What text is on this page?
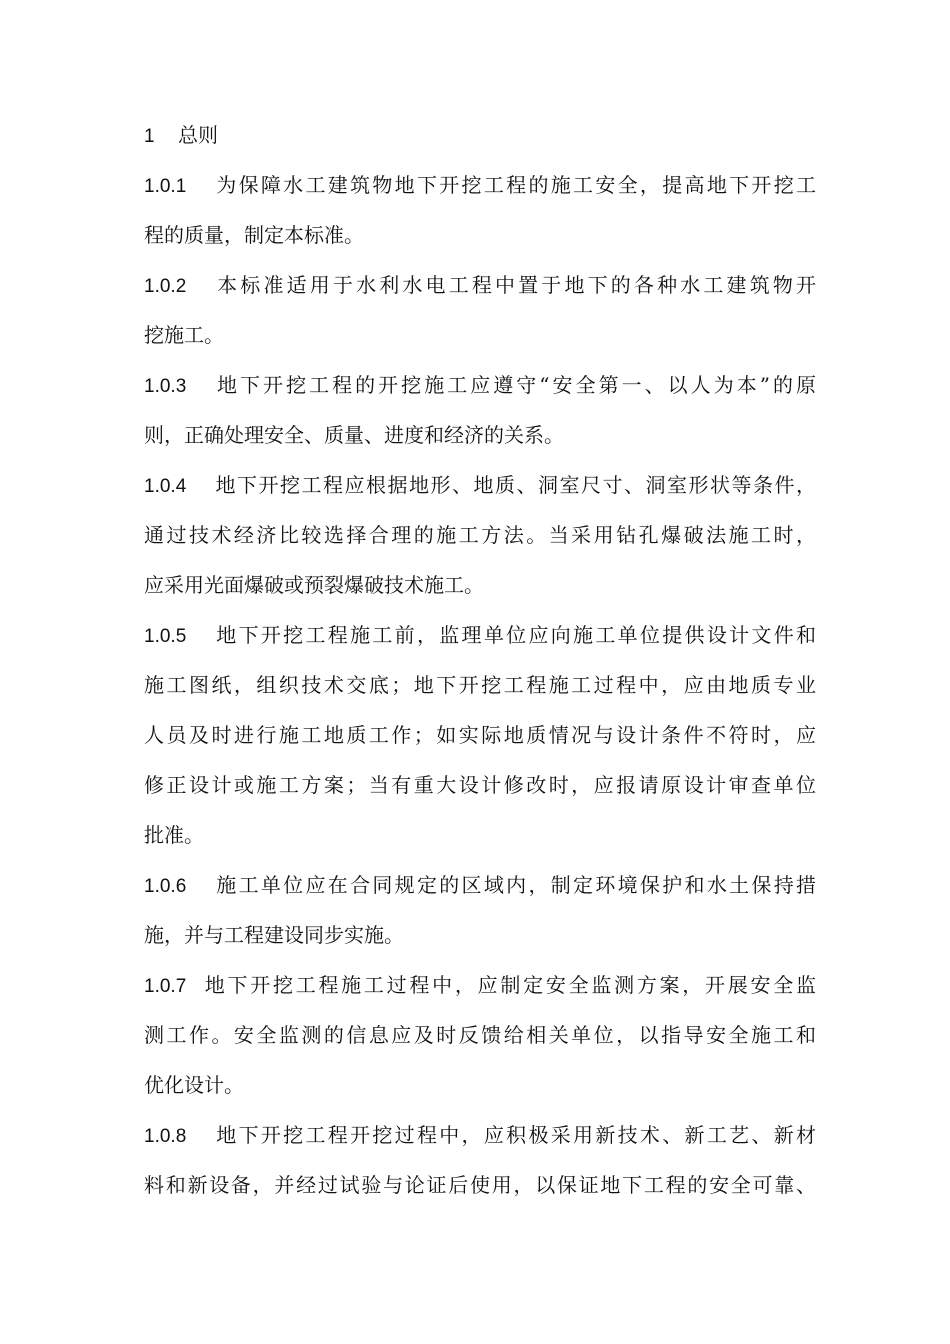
1 总则
1.0.1 为保障水工建筑物地下开挖工程的施工安全，提高地下开挖工
程的质量，制定本标准。
1.0.2 本标准适用于水利水电工程中置于地下的各种水工建筑物开
挖施工。
1.0.3 地下开挖工程的开挖施工应遵守“安全第一、以人为本”的原
则，正确处理安全、质量、进度和经济的关系。
1.0.4 地下开挖工程应根据地形、地质、洞室尺寸、洞室形状等条件，
通过技术经济比较选择合理的施工方法。当采用钻孔爆破法施工时，
应采用光面爆破或预裂爆破技术施工。
1.0.5 地下开挖工程施工前，监理单位应向施工单位提供设计文件和
施工图纸，组织技术交底；地下开挖工程施工过程中，应由地质专业
人员及时进行施工地质工作；如实际地质情况与设计条件不符时，应
修正设计或施工方案；当有重大设计修改时，应报请原设计审查单位
批准。
1.0.6 施工单位应在合同规定的区域内，制定环境保护和水土保持措
施，并与工程建设同步实施。
1.0.7 地下开挖工程施工过程中，应制定安全监测方案，开展安全监
测工作。安全监测的信息应及时反馈给相关单位，以指导安全施工和
优化设计。
1.0.8 地下开挖工程开挖过程中，应积极采用新技术、新工艺、新材
料和新设备，并经过试验与论证后使用，以保证地下工程的安全可靠、
